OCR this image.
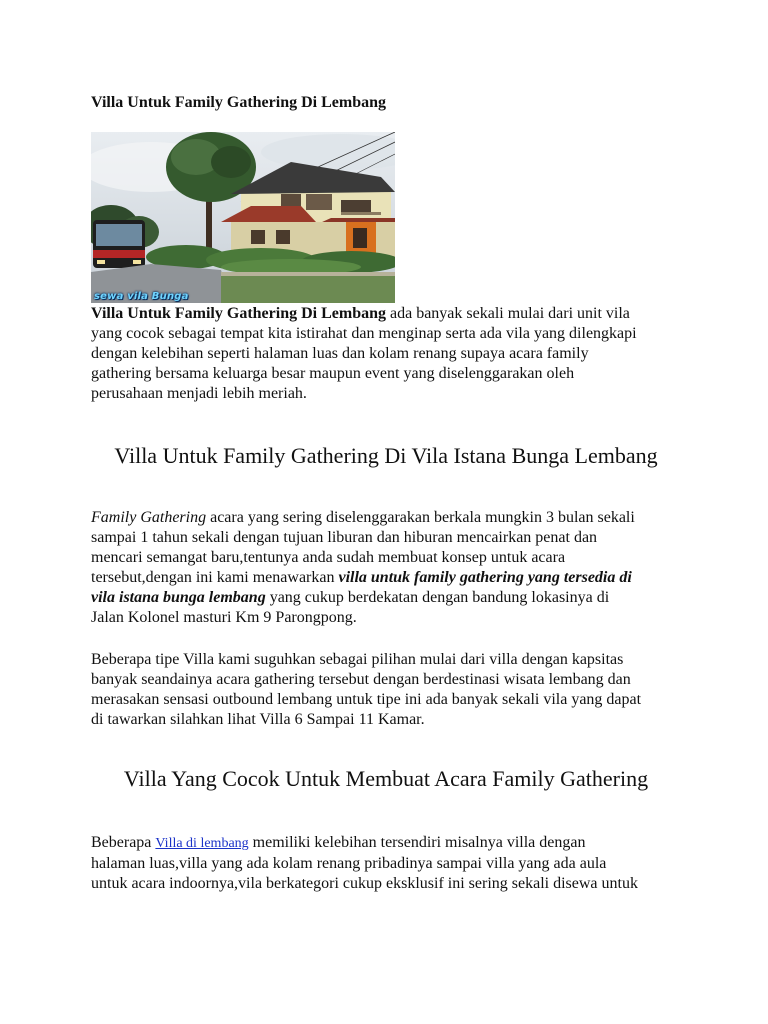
Villa Untuk Family Gathering Di Lembang
sewa vila Bunga

Villa Untuk Family Gathering Di Lembang ada banyak sekali mulai dari unit vila
yang cocok sebagai tempat kita istirahat dan menginap serta ada vila yang dilengkapi
dengan kelebihan seperti halaman luas dan kolam renang supaya acara family
gathering bersama keluarga besar maupun event yang diselenggarakan oleh
perusahaan menjadi lebih meriah.

Villa Untuk Family Gathering Di Vila Istana Bunga Lembang

Family Gathering acara yang sering diselenggarakan berkala mungkin 3 bulan sekali
sampai 1 tahun sekali dengan tujuan liburan dan hiburan mencairkan penat dan
mencari semangat baru,tentunya anda sudah membuat konsep untuk acara
tersebut,dengan ini kami menawarkan villa untuk family gathering yang tersedia di
vila istana bunga lembang yang cukup berdekatan dengan bandung lokasinya di
Jalan Kolonel masturi Km 9 Parongpong.

Beberapa tipe Villa kami suguhkan sebagai pilihan mulai dari villa dengan kapsitas
banyak seandainya acara gathering tersebut dengan berdestinasi wisata lembang dan
merasakan sensasi outbound lembang untuk tipe ini ada banyak sekali vila yang dapat
di tawarkan silahkan lihat Villa 6 Sampai 11 Kamar.

Villa Yang Cocok Untuk Membuat Acara Family Gathering

Beberapa Villa di lembang memiliki kelebihan tersendiri misalnya villa dengan
halaman luas,villa yang ada kolam renang pribadinya sampai villa yang ada aula
untuk acara indoornya,vila berkategori cukup eksklusif ini sering sekali disewa untuk
